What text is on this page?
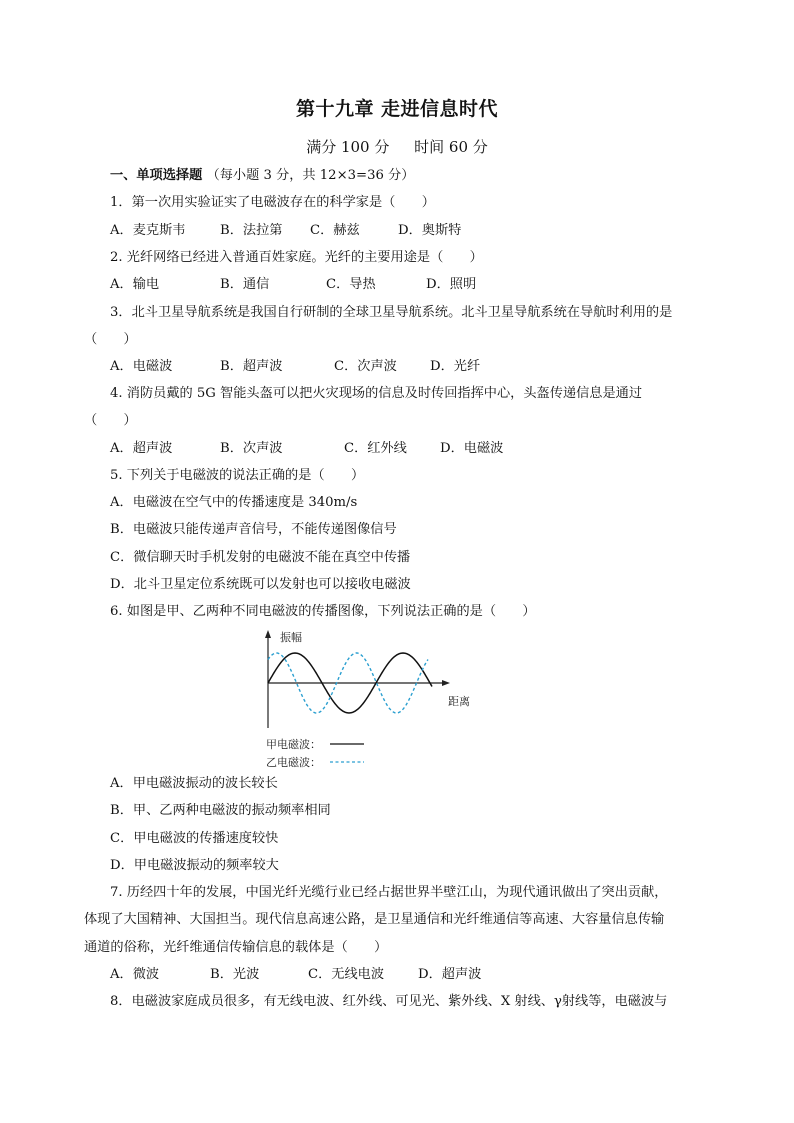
第十九章 走进信息时代
满分 100 分 时间 60 分
一、单项选择题 （每小题 3 分，共 12×3=36 分）
1．第一次用实验证实了电磁波存在的科学家是（　　）
A．麦克斯韦	B．法拉第 C．赫兹	D．奥斯特
2. 光纤网络已经进入普通百姓家庭。光纤的主要用途是（　　）
A．输电	B．通信	C．导热	D．照明
3．北斗卫星导航系统是我国自行研制的全球卫星导航系统。北斗卫星导航系统在导航时利用的是
（　　）
A．电磁波	B．超声波	C．次声波	D．光纤
4. 消防员戴的 5G 智能头盔可以把火灾现场的信息及时传回指挥中心，头盔传递信息是通过
（　　）
A．超声波	B．次声波	C．红外线	D．电磁波
5. 下列关于电磁波的说法正确的是（　　）
A．电磁波在空气中的传播速度是 340m/s
B．电磁波只能传递声音信号，不能传递图像信号
C．微信聊天时手机发射的电磁波不能在真空中传播
D．北斗卫星定位系统既可以发射也可以接收电磁波
6. 如图是甲、乙两种不同电磁波的传播图像，下列说法正确的是（　　）
振幅
距离
甲电磁波：
乙电磁波：
A．甲电磁波振动的波长较长
B．甲、乙两种电磁波的振动频率相同
C．甲电磁波的传播速度较快
D．甲电磁波振动的频率较大
7. 历经四十年的发展，中国光纤光缆行业已经占据世界半壁江山，为现代通讯做出了突出贡献，
体现了大国精神、大国担当。现代信息高速公路，是卫星通信和光纤维通信等高速、大容量信息传输
通道的俗称，光纤维通信传输信息的载体是（　　）
A．微波	B．光波	C．无线电波	D．超声波
8．电磁波家庭成员很多，有无线电波、红外线、可见光、紫外线、X 射线、γ射线等，电磁波与
